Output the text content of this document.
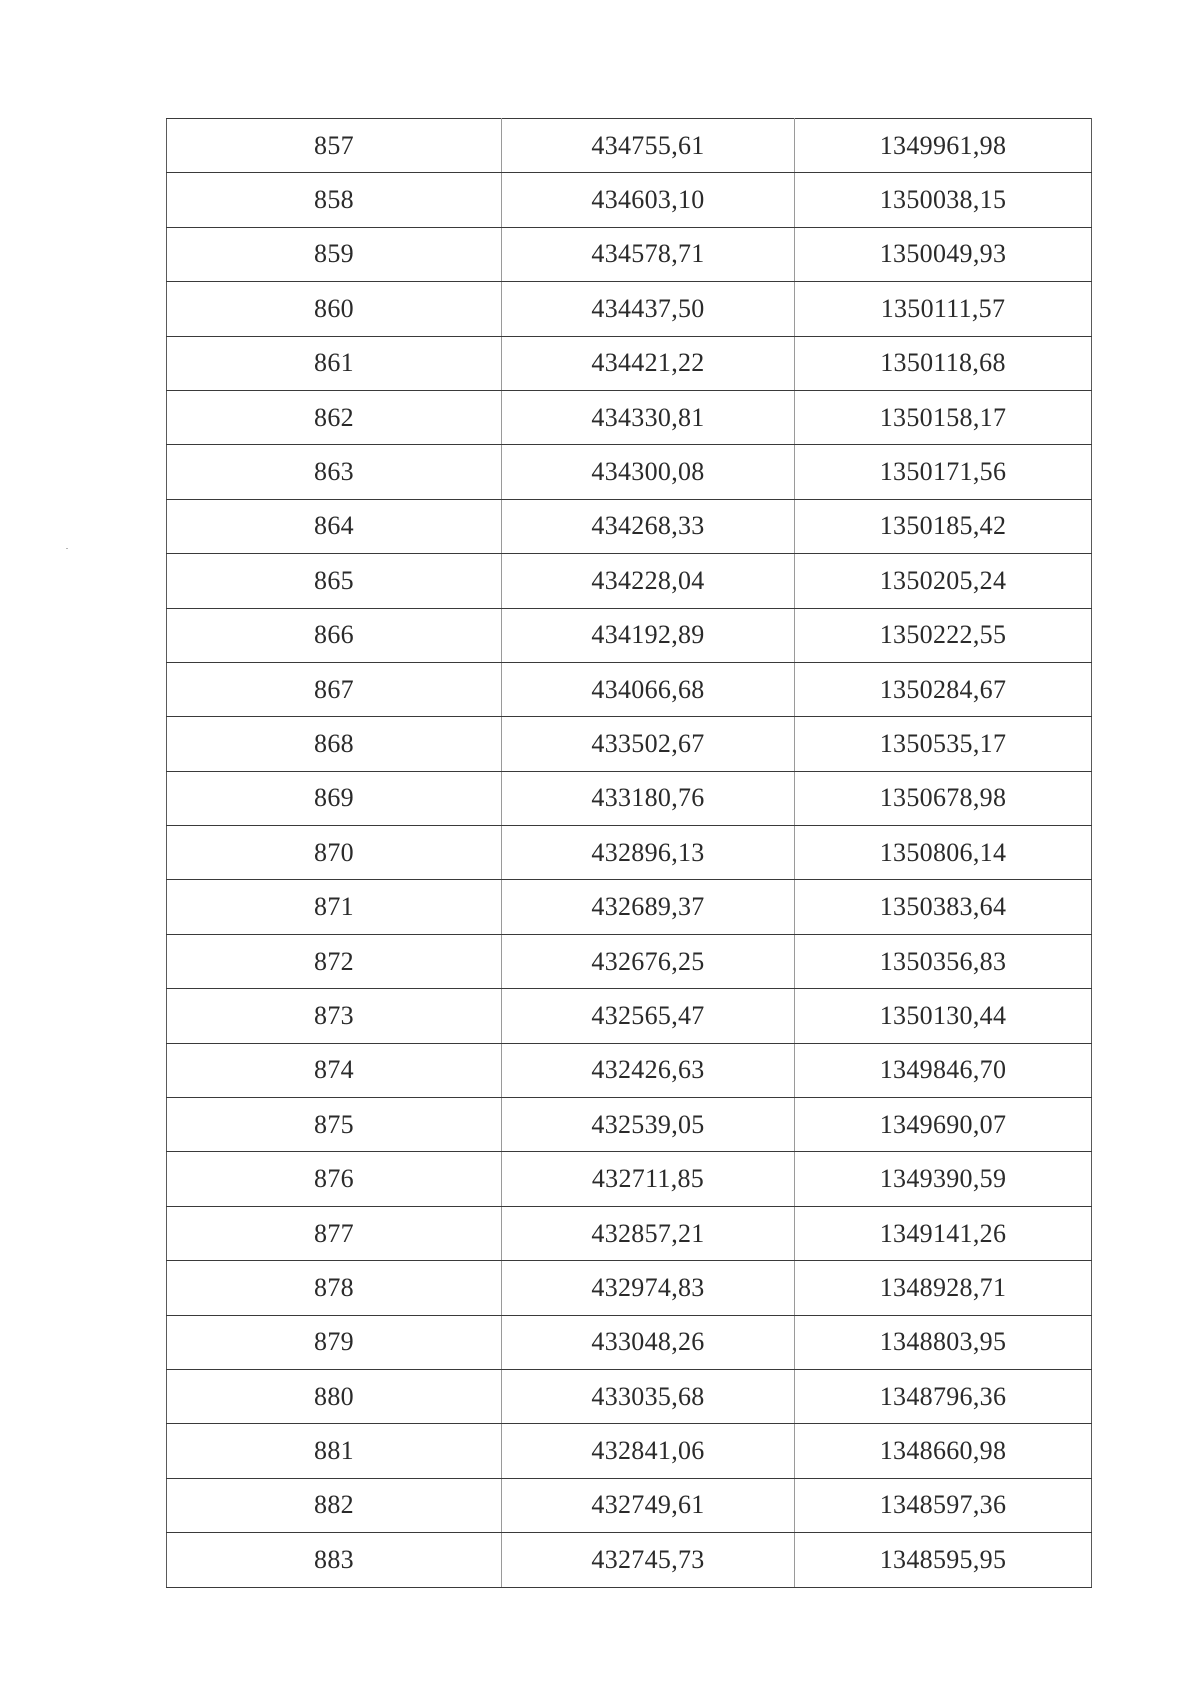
857	434755,61	1349961,98
858	434603,10	1350038,15
859	434578,71	1350049,93
860	434437,50	1350111,57
861	434421,22	1350118,68
862	434330,81	1350158,17
863	434300,08	1350171,56
864	434268,33	1350185,42
865	434228,04	1350205,24
866	434192,89	1350222,55
867	434066,68	1350284,67
868	433502,67	1350535,17
869	433180,76	1350678,98
870	432896,13	1350806,14
871	432689,37	1350383,64
872	432676,25	1350356,83
873	432565,47	1350130,44
874	432426,63	1349846,70
875	432539,05	1349690,07
876	432711,85	1349390,59
877	432857,21	1349141,26
878	432974,83	1348928,71
879	433048,26	1348803,95
880	433035,68	1348796,36
881	432841,06	1348660,98
882	432749,61	1348597,36
883	432745,73	1348595,95
